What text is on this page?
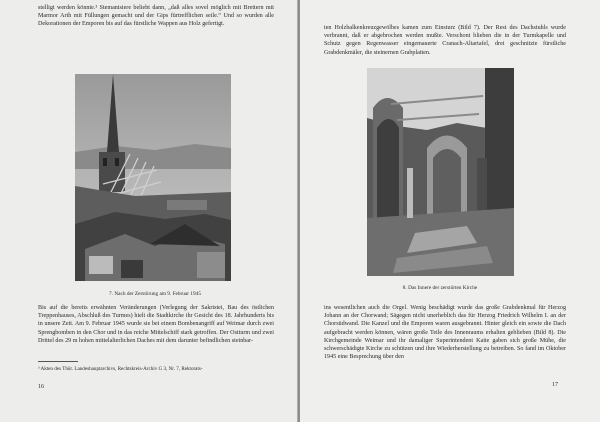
stelligt werden könnte.³ Stemanisiere beliebt dann, „daß alles sovel möglich mit Brettern mit Marmor Arth mit Füllungen gemacht und der Gips fürtrefflichen seile.“ Und so wurden alle Dekorationen der Emporen bis auf das fürstliche Wappen aus Holz gefertigt.

7. Nach der Zerstörung am 9. Februar 1945

Bis auf die bereits erwähnten Veränderungen (Verlegung der Sakristei, Bau des östlichen Treppenhauses, Abschluß des Turmes) hielt die Stadtkirche ihr Gesicht des 18. Jahrhunderts bis in unsere Zeit. Am 9. Februar 1945 wurde sie bei einem Bombenangriff auf Weimar durch zwei Sprengbomben in den Chor und in das reiche Mittelschiff stark getroffen. Der Ostturm und zwei Drittel des 29 m hohen mittelalterlichen Daches mit dem darunter befindlichen steinbar-

³ Akten des Thür. Landeshauptarchivs, Rechtskreis-Archiv G 3, Nr. 7, Rektorats-

16

ten Holzbalkenkreuzgewölbes kamen zum Einsturz (Bild 7). Der Rest des Dachstuhls wurde verbrannt, daß er abgebrochen werden mußte. Verschont blieben die in der Turmkapelle und Schutz gegen Regenwasser eingemauerte Cranach-Altartafel, drei geschnitzte fürstliche Grabdenkmäler, die steinernen Grabplatten.

8. Das Innere der zerstörten Kirche

ins wesentlichen auch die Orgel. Wenig beschädigt wurde das große Grabdenkmal für Herzog Johann an der Chorwand; Sägegen nicht unerheblich das für Herzog Friedrich Wilhelm I. an der Chorsüdwand. Die Kanzel und die Emporen waren ausgebrannt. Hinter gleich ein sowie die Dach aufgebracht werden können, wären große Teile des Innenraums erhalten geblieben (Bild 8). Die Kirchgemeinde Weimar und ihr damaliger Superintendent Kaite gaben sich große Mühe, die schwerschädigte Kirche zu schützen und ihre Wiederherstellung zu betreiben. So fand im Oktober 1945 eine Besprechung über den

17
